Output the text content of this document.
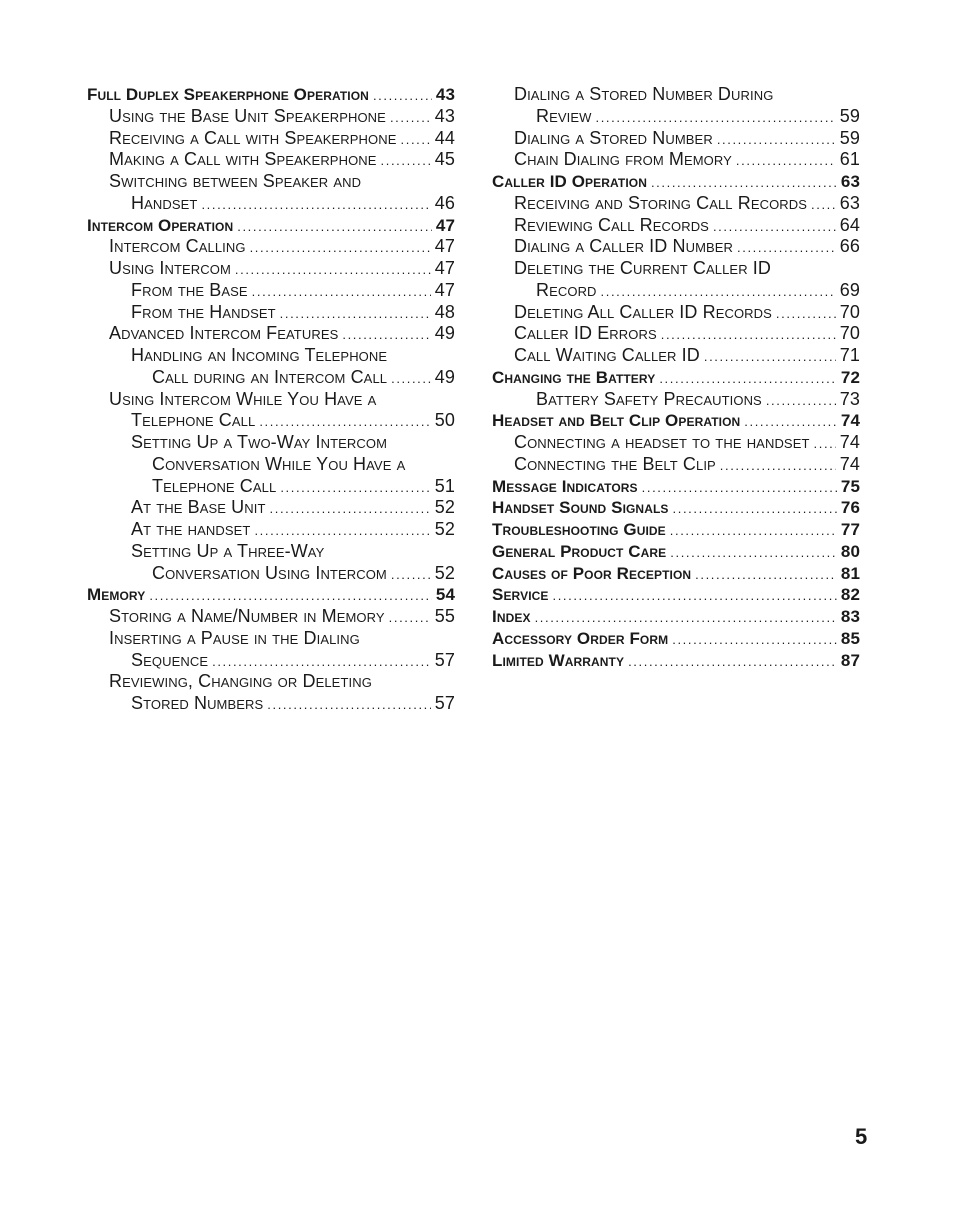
Full Duplex Speakerphone Operation .....	43
Using the Base Unit Speakerphone .....	43
Receiving a Call with Speakerphone ..... 44
Making a Call with Speakerphone .....	45
Switching between Speaker and
Handset .....	46
Intercom Operation .....	47
Intercom Calling .....	47
Using Intercom .....	47
From the Base .....	47
From the Handset .....	48
Advanced Intercom Features .....	49
Handling an Incoming Telephone
Call during an Intercom Call .....	49
Using Intercom While You Have a
Telephone Call .....	50
Setting Up a Two-Way Intercom
Conversation While You Have a
Telephone Call .....	51
At the Base Unit .....	52
At the handset .....	52
Setting Up a Three-Way
Conversation Using Intercom .....	52
Memory .....	54
Storing a Name/Number in Memory .....	55
Inserting a Pause in the Dialing
Sequence .....	57
Reviewing, Changing or Deleting
Stored Numbers .....	57
Dialing a Stored Number During
Review .....	59
Dialing a Stored Number .....	59
Chain Dialing from Memory .....	61
Caller ID Operation .....	63
Receiving and Storing Call Records ..... 63
Reviewing Call Records .....	64
Dialing a Caller ID Number .....	66
Deleting the Current Caller ID
Record .....	69
Deleting All Caller ID Records .....	70
Caller ID Errors .....	70
Call Waiting Caller ID .....	71
Changing the Battery .....	72
Battery Safety Precautions .....	73
Headset and Belt Clip Operation .....	74
Connecting a headset to the handset ..... 74
Connecting the Belt Clip .....	74
Message Indicators .....	75
Handset Sound Signals .....	76
Troubleshooting Guide .....	77
General Product Care .....	80
Causes of Poor Reception .....	81
Service .....	82
Index .....	83
Accessory Order Form .....	85
Limited Warranty .....	87
5
